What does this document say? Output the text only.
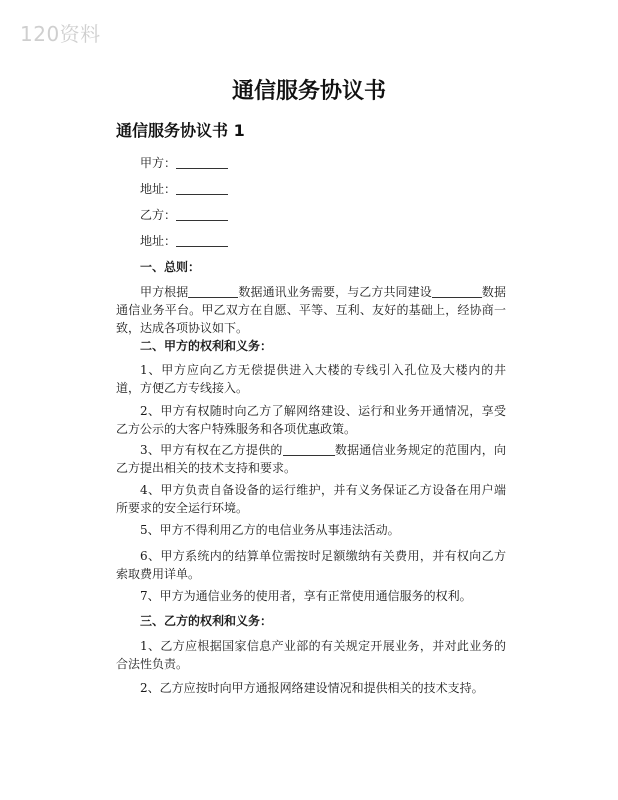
120资料
通信服务协议书
通信服务协议书 1
甲方：
地址：
乙方：
地址：
一、总则：
甲方根据	数据通讯业务需要，与乙方共同建设	数据通信业务平台。甲乙双方在自愿、平等、互利、友好的基础上，经协商一致，达成各项协议如下。
二、甲方的权利和义务：
1、甲方应向乙方无偿提供进入大楼的专线引入孔位及大楼内的井道，方便乙方专线接入。
2、甲方有权随时向乙方了解网络建设、运行和业务开通情况，享受乙方公示的大客户特殊服务和各项优惠政策。
3、甲方有权在乙方提供的	数据通信业务规定的范围内，向乙方提出相关的技术支持和要求。
4、甲方负责自备设备的运行维护，并有义务保证乙方设备在用户端所要求的安全运行环境。
5、甲方不得利用乙方的电信业务从事违法活动。
6、甲方系统内的结算单位需按时足额缴纳有关费用，并有权向乙方索取费用详单。
7、甲方为通信业务的使用者，享有正常使用通信服务的权利。
三、乙方的权利和义务：
1、乙方应根据国家信息产业部的有关规定开展业务，并对此业务的合法性负责。
2、乙方应按时向甲方通报网络建设情况和提供相关的技术支持。
